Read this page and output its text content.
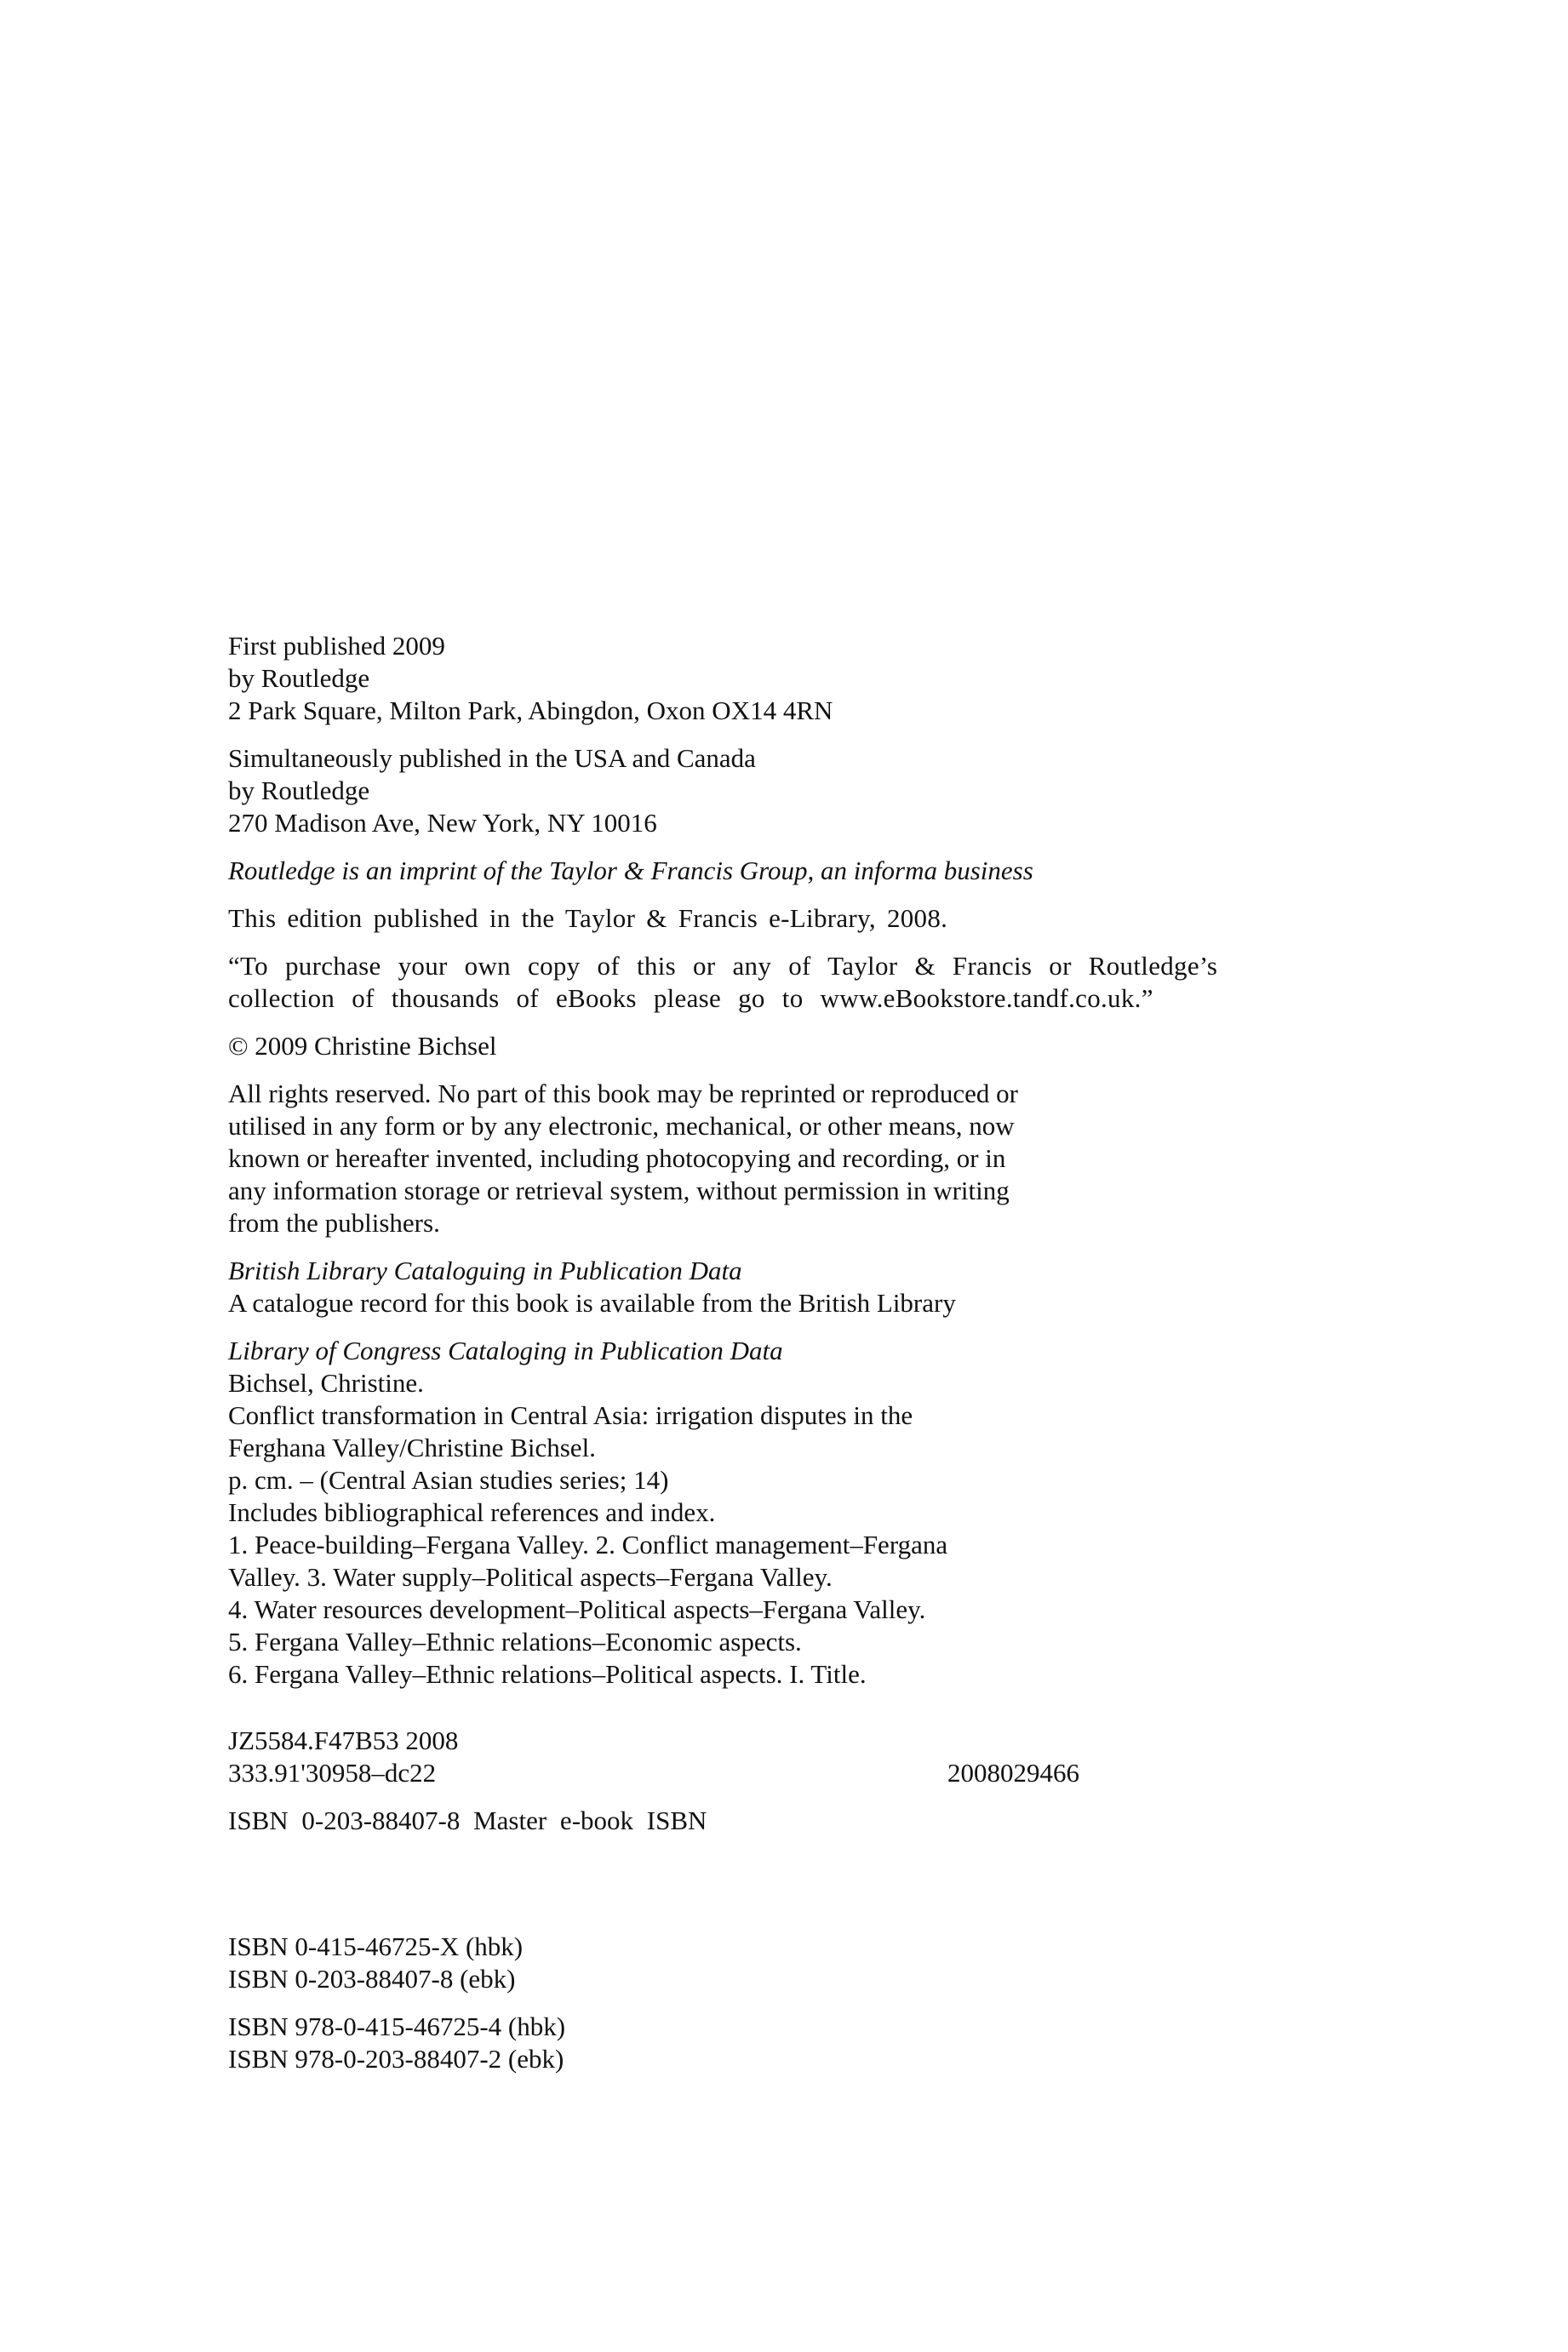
First published 2009
by Routledge
2 Park Square, Milton Park, Abingdon, Oxon OX14 4RN
Simultaneously published in the USA and Canada
by Routledge
270 Madison Ave, New York, NY 10016
Routledge is an imprint of the Taylor & Francis Group, an informa business
This edition published in the Taylor & Francis e-Library, 2008.
“To purchase your own copy of this or any of Taylor & Francis or Routledge’s
collection of thousands of eBooks please go to www.eBookstore.tandf.co.uk.”
© 2009 Christine Bichsel
All rights reserved. No part of this book may be reprinted or reproduced or
utilised in any form or by any electronic, mechanical, or other means, now
known or hereafter invented, including photocopying and recording, or in
any information storage or retrieval system, without permission in writing
from the publishers.
British Library Cataloguing in Publication Data
A catalogue record for this book is available from the British Library
Library of Congress Cataloging in Publication Data
Bichsel, Christine.
Conflict transformation in Central Asia: irrigation disputes in the
Ferghana Valley/Christine Bichsel.
p. cm. – (Central Asian studies series; 14)
Includes bibliographical references and index.
1. Peace-building–Fergana Valley. 2. Conflict management–Fergana
Valley. 3. Water supply–Political aspects–Fergana Valley.
4. Water resources development–Political aspects–Fergana Valley.
5. Fergana Valley–Ethnic relations–Economic aspects.
6. Fergana Valley–Ethnic relations–Political aspects. I. Title.
JZ5584.F47B53 2008
333.91'30958–dc22	2008029466
ISBN 0-203-88407-8 Master e-book ISBN
ISBN 0-415-46725-X (hbk)
ISBN 0-203-88407-8 (ebk)
ISBN 978-0-415-46725-4 (hbk)
ISBN 978-0-203-88407-2 (ebk)
